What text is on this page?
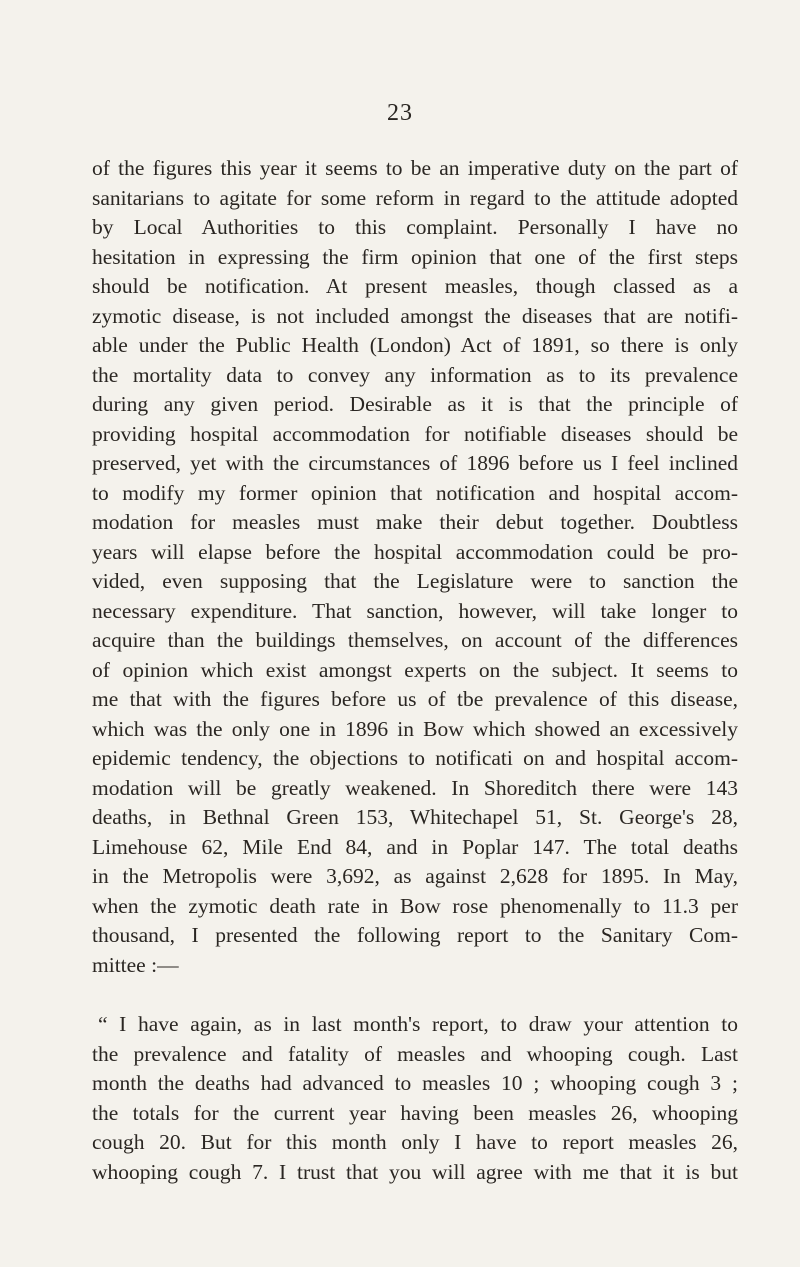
23
of the figures this year it seems to be an imperative duty on the part of
sanitarians to agitate for some reform in regard to the attitude adopted
by Local Authorities to this complaint. Personally I have no
hesitation in expressing the firm opinion that one of the first steps
should be notification. At present measles, though classed as a
zymotic disease, is not included amongst the diseases that are notifi-
able under the Public Health (London) Act of 1891, so there is only
the mortality data to convey any information as to its prevalence
during any given period. Desirable as it is that the principle of
providing hospital accommodation for notifiable diseases should be
preserved, yet with the circumstances of 1896 before us I feel inclined
to modify my former opinion that notification and hospital accom-
modation for measles must make their debut together. Doubtless
years will elapse before the hospital accommodation could be pro-
vided, even supposing that the Legislature were to sanction the
necessary expenditure. That sanction, however, will take longer to
acquire than the buildings themselves, on account of the differences
of opinion which exist amongst experts on the subject. It seems to
me that with the figures before us of tbe prevalence of this disease,
which was the only one in 1896 in Bow which showed an excessively
epidemic tendency, the objections to notificati on and hospital accom-
modation will be greatly weakened. In Shoreditch there were 143
deaths, in Bethnal Green 153, Whitechapel 51, St. George's 28,
Limehouse 62, Mile End 84, and in Poplar 147. The total deaths
in the Metropolis were 3,692, as against 2,628 for 1895. In May,
when the zymotic death rate in Bow rose phenomenally to 11.3 per
thousand, I presented the following report to the Sanitary Com-
mittee :—
“ I have again, as in last month's report, to draw your attention to
the prevalence and fatality of measles and whooping cough. Last
month the deaths had advanced to measles 10 ; whooping cough 3 ;
the totals for the current year having been measles 26, whooping
cough 20. But for this month only I have to report measles 26,
whooping cough 7. I trust that you will agree with me that it is but
